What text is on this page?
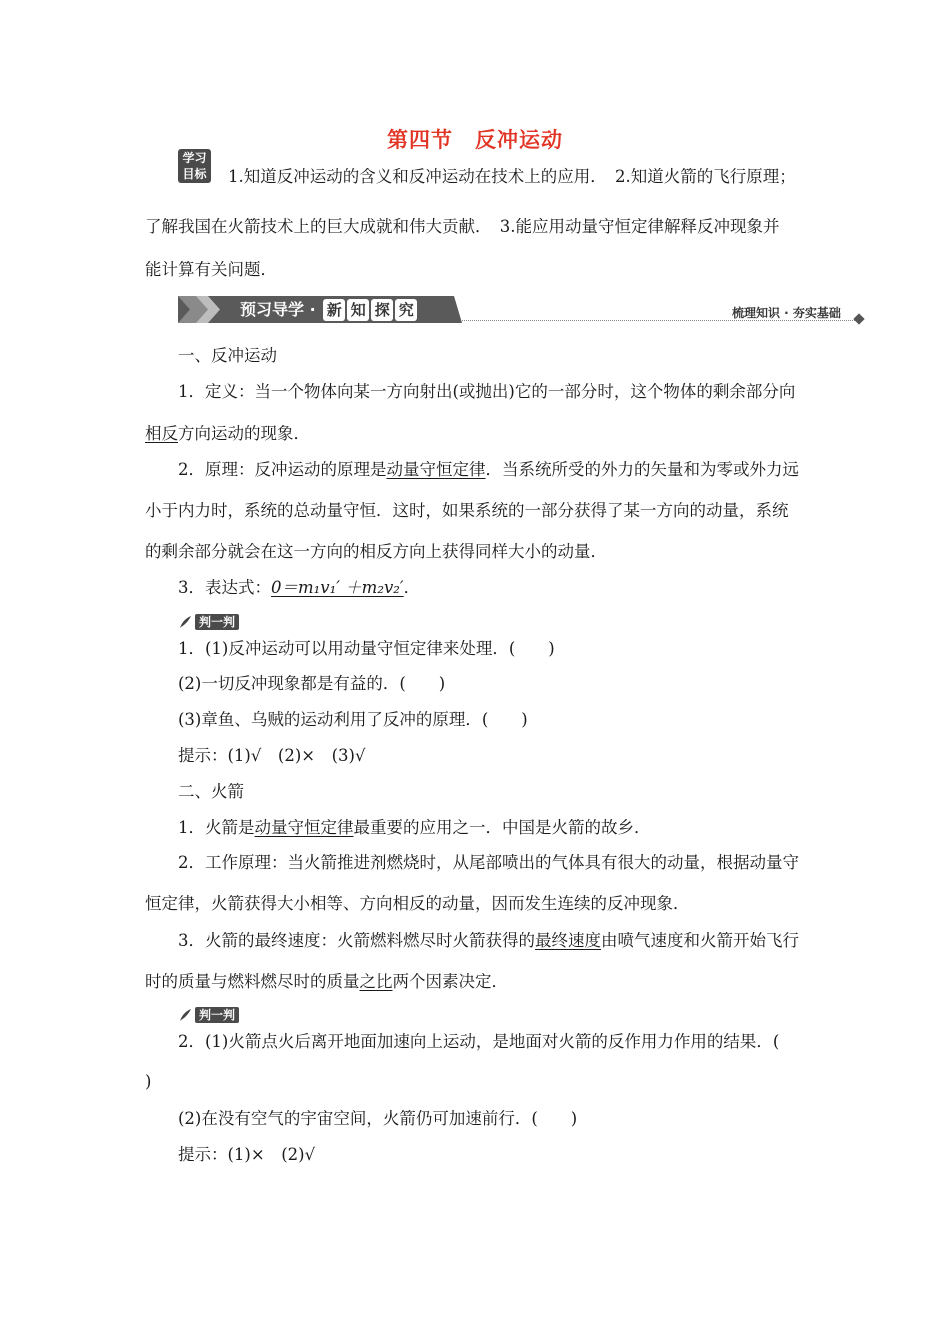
第四节　反冲运动
学习
目标 1.知道反冲运动的含义和反冲运动在技术上的应用．　2.知道火箭的飞行原理；
了解我国在火箭技术上的巨大成就和伟大贡献．　3.能应用动量守恒定律解释反冲现象并
能计算有关问题．
预习导学 · 新 知 探 究	梳理知识 · 夯实基础
一、反冲运动
1．定义：当一个物体向某一方向射出(或抛出)它的一部分时，这个物体的剩余部分向
相反方向运动的现象．
2．原理：反冲运动的原理是动量守恒定律．当系统所受的外力的矢量和为零或外力远
小于内力时，系统的总动量守恒．这时，如果系统的一部分获得了某一方向的动量，系统
的剩余部分就会在这一方向的相反方向上获得同样大小的动量．
3．表达式：0＝m₁v₁′ ＋m₂v₂′．
判一判
1．(1)反冲运动可以用动量守恒定律来处理．(　　)
(2)一切反冲现象都是有益的．(　　)
(3)章鱼、乌贼的运动利用了反冲的原理．(　　)
提示：(1)√　(2)×　(3)√
二、火箭
1．火箭是动量守恒定律最重要的应用之一．中国是火箭的故乡．
2．工作原理：当火箭推进剂燃烧时，从尾部喷出的气体具有很大的动量，根据动量守
恒定律，火箭获得大小相等、方向相反的动量，因而发生连续的反冲现象．
3．火箭的最终速度：火箭燃料燃尽时火箭获得的最终速度由喷气速度和火箭开始飞行
时的质量与燃料燃尽时的质量之比两个因素决定．
判一判
2．(1)火箭点火后离开地面加速向上运动，是地面对火箭的反作用力作用的结果．(
)
(2)在没有空气的宇宙空间，火箭仍可加速前行．(　　)
提示：(1)×　(2)√
